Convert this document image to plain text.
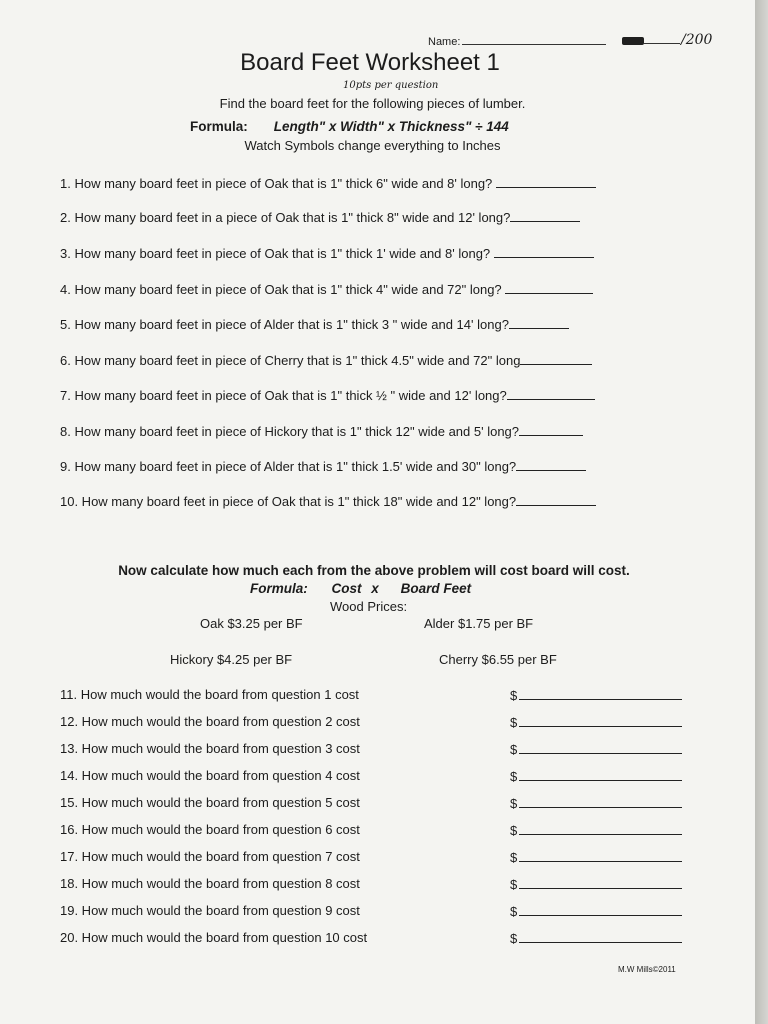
Name:	/200
Board Feet Worksheet 1
10pts per question
Find the board feet for the following pieces of lumber.
Formula: Length" x Width" x Thickness" ÷ 144
Watch Symbols change everything to Inches
1. How many board feet in piece of Oak that is 1" thick 6" wide and 8' long?
2. How many board feet in a piece of Oak that is 1" thick 8" wide and 12' long?
3. How many board feet in piece of Oak that is 1" thick 1' wide and 8' long?
4. How many board feet in piece of Oak that is 1" thick 4" wide and 72" long?
5. How many board feet in piece of Alder that is 1" thick 3 " wide and 14' long?
6. How many board feet in piece of Cherry that is 1" thick 4.5" wide and 72" long
7. How many board feet in piece of Oak that is 1" thick ½ " wide and 12' long?
8. How many board feet in piece of Hickory that is 1" thick 12" wide and 5' long?
9. How many board feet in piece of Alder that is 1" thick 1.5' wide and 30" long?
10. How many board feet in piece of Oak that is 1" thick 18" wide and 12" long?
Now calculate how much each from the above problem will cost board will cost.
Formula: Cost x Board Feet
Wood Prices:
Oak $3.25 per BF	Alder $1.75 per BF
Hickory $4.25 per BF	Cherry $6.55 per BF
11. How much would the board from question 1 cost	$
12. How much would the board from question 2 cost	$
13. How much would the board from question 3 cost	$
14. How much would the board from question 4 cost	$
15. How much would the board from question 5 cost	$
16. How much would the board from question 6 cost	$
17. How much would the board from question 7 cost	$
18. How much would the board from question 8 cost	$
19. How much would the board from question 9 cost	$
20. How much would the board from question 10 cost	$
M.W Mills©2011
